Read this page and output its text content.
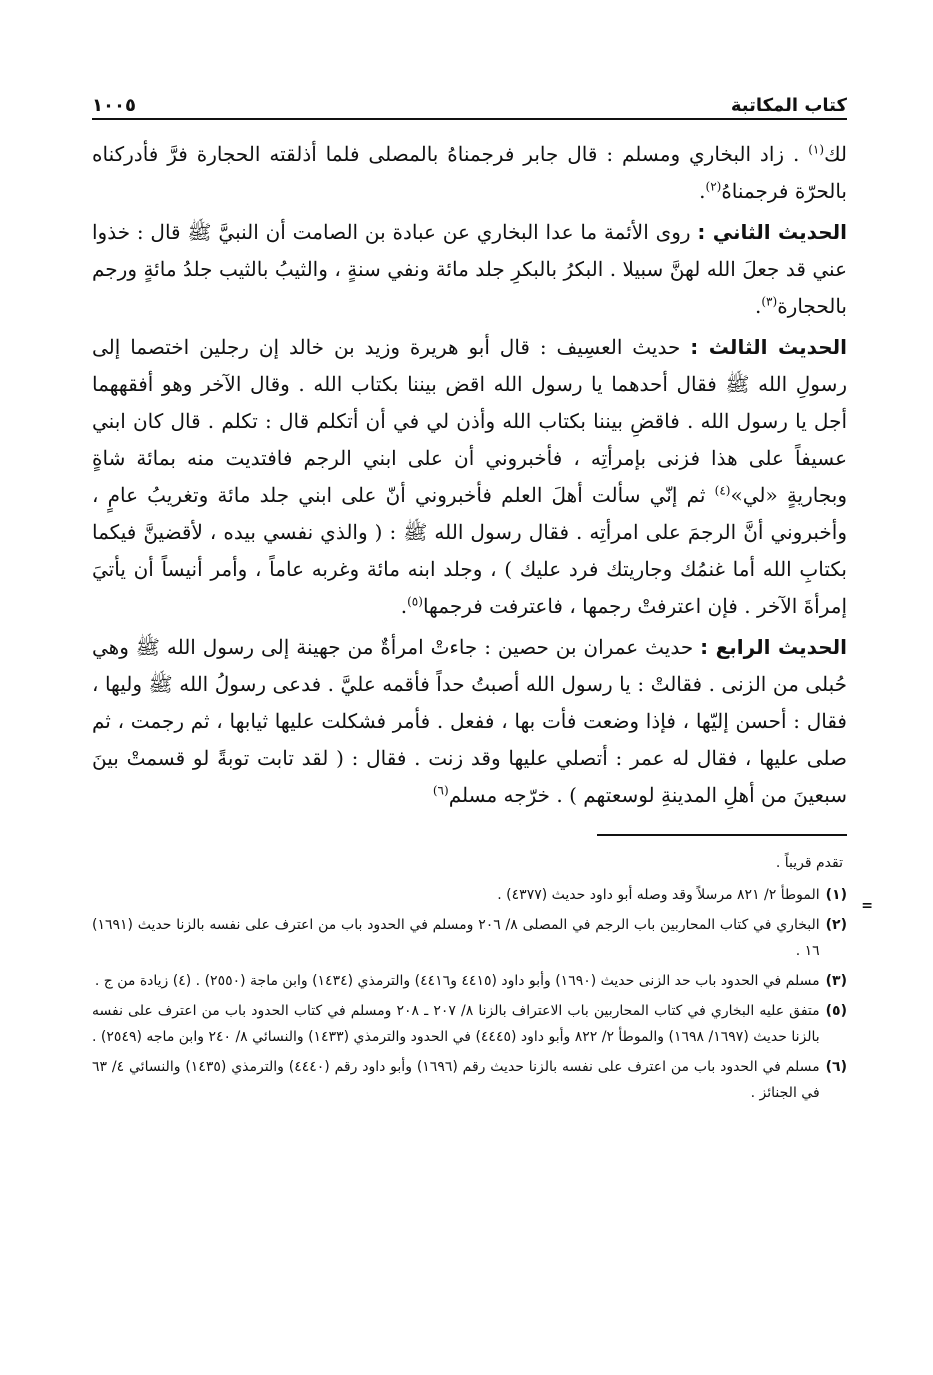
كتاب المكاتبة
١٠٠٥

لك$^{(١)}$ . زاد البخاري ومسلم : قال جابر فرجمناهُ بالمصلى فلما أذلقته الحجارة فرَّ فأدركناه بالحرّة فرجمناهُ$^{(٢)}$.

الحديث الثاني : روى الأئمة ما عدا البخاري عن عبادة بن الصامت أن النبيَّ ﷺ قال : خذوا عني قد جعلَ الله لهنَّ سبيلا . البكرُ بالبكرِ جلد مائة ونفي سنةٍ ، والثيبُ بالثيب جلدُ مائةٍ ورجم بالحجارة$^{(٣)}$.

الحديث الثالث : حديث العسِيف : قال أبو هريرة وزيد بن خالد إن رجلين اختصما إلى رسولِ الله ﷺ فقال أحدهما يا رسول الله اقض بيننا بكتاب الله . وقال الآخر وهو أفقههما أجل يا رسول الله . فاقضِ بيننا بكتاب الله وأذن لي في أن أتكلم قال : تكلم . قال كان ابني عسيفاً على هذا فزنى بإمرأتِه ، فأخبروني أن على ابني الرجم فافتديت منه بمائة شاةٍ وبجاريةٍ «لي»$^{(٤)}$ ثم إنّي سألت أهلَ العلم فأخبروني أنّ على ابني جلد مائة وتغريبُ عامٍ ، وأخبروني أنَّ الرجمَ على امرأتِه . فقال رسول الله ﷺ : ( والذي نفسي بيده ، لأقضينَّ فيكما بكتابِ الله أما غنمُك وجاريتك فرد عليك ) ، وجلد ابنه مائة وغربه عاماً ، وأمر أنيساً أن يأتيَ إمرأةَ الآخر . فإن اعترفتْ رجمها ، فاعترفت فرجمها$^{(٥)}$.

الحديث الرابع : حديث عمران بن حصين : جاءتْ امرأةٌ من جهينة إلى رسول الله ﷺ وهي حُبلى من الزنى . فقالتْ : يا رسول الله أصبتُ حداً فأقمه عليَّ . فدعى رسولُ الله ﷺ وليها ، فقال : أحسن إليّها ، فإذا وضعت فأت بها ، ففعل . فأمر فشكلت عليها ثيابها ، ثم رجمت ، ثم صلى عليها ، فقال له عمر : أتصلي عليها وقد زنت . فقال : ( لقد تابت توبةً لو قسمتْ بينَ سبعينَ من أهلِ المدينةِ لوسعتهم ) . خرّجه مسلم$^{(٦)}$

تقدم قريباً .
(١)
الموطأ ٢/ ٨٢١ مرسلاً وقد وصله أبو داود حديث (٤٣٧٧) .
(٢)
البخاري في كتاب المحاربين باب الرجم في المصلى ٨/ ٢٠٦ ومسلم في الحدود باب من اعترف على نفسه بالزنا حديث (١٦٩١) ١٦ .
(٣)
مسلم في الحدود باب حد الزنى حديث (١٦٩٠) وأبو داود (٤٤١٥ و٤٤١٦) والترمذي (١٤٣٤) وابن ماجة (٢٥٥٠) . (٤) زيادة من ج .
(٥)
متفق عليه البخاري في كتاب المحاربين باب الاعتراف بالزنا ٨/ ٢٠٧ ـ ٢٠٨ ومسلم في كتاب الحدود باب من اعترف على نفسه بالزنا حديث (١٦٩٧/ ١٦٩٨) والموطأ ٢/ ٨٢٢ وأبو داود (٤٤٤٥) في الحدود والترمذي (١٤٣٣) والنسائي ٨/ ٢٤٠ وابن ماجه (٢٥٤٩) .
(٦)
مسلم في الحدود باب من اعترف على نفسه بالزنا حديث رقم (١٦٩٦) وأبو داود رقم (٤٤٤٠) والترمذي (١٤٣٥) والنسائي ٤/ ٦٣ في الجنائز .
=
